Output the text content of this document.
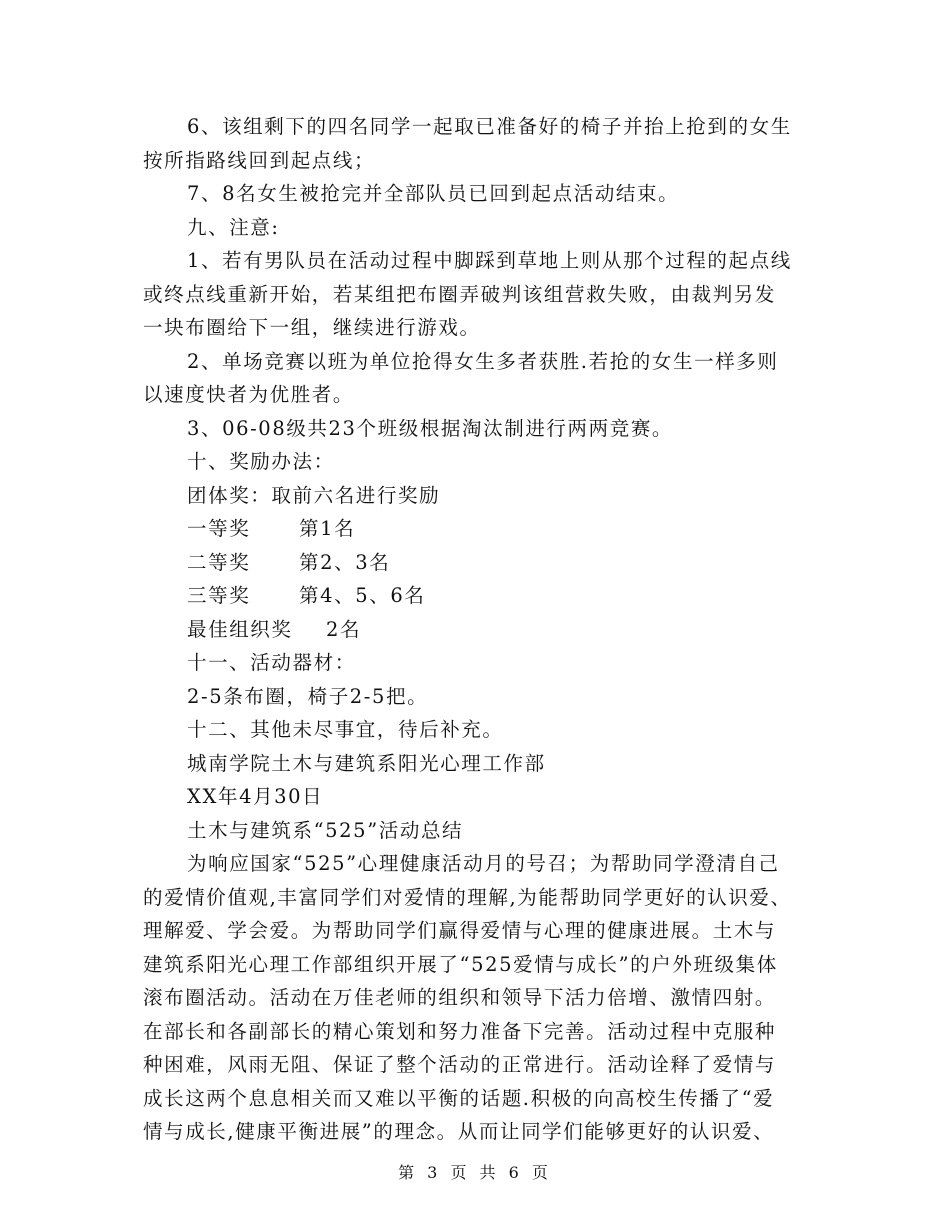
6、该组剩下的四名同学一起取已准备好的椅子并抬上抢到的女生
按所指路线回到起点线；
7、8名女生被抢完并全部队员已回到起点活动结束。
九、注意:
1、若有男队员在活动过程中脚踩到草地上则从那个过程的起点线
或终点线重新开始，若某组把布圈弄破判该组营救失败，由裁判另发
一块布圈给下一组，继续进行游戏。
2、单场竞赛以班为单位抢得女生多者获胜.若抢的女生一样多则
以速度快者为优胜者。
3、06-08级共23个班级根据淘汰制进行两两竞赛。
十、奖励办法：
团体奖：取前六名进行奖励
一等奖 第1名
二等奖 第2、3名
三等奖 第4、5、6名
最佳组织奖 2名
十一、活动器材：
2-5条布圈，椅子2-5把。
十二、其他未尽事宜，待后补充。
城南学院土木与建筑系阳光心理工作部
XX年4月30日
土木与建筑系“525”活动总结
为响应国家“525”心理健康活动月的号召；为帮助同学澄清自己
的爱情价值观,丰富同学们对爱情的理解,为能帮助同学更好的认识爱、
理解爱、学会爱。为帮助同学们赢得爱情与心理的健康进展。土木与
建筑系阳光心理工作部组织开展了“525爱情与成长”的户外班级集体
滚布圈活动。活动在万佳老师的组织和领导下活力倍增、激情四射。
在部长和各副部长的精心策划和努力准备下完善。活动过程中克服种
种困难，风雨无阻、保证了整个活动的正常进行。活动诠释了爱情与
成长这两个息息相关而又难以平衡的话题.积极的向高校生传播了“爱
情与成长,健康平衡进展”的理念。从而让同学们能够更好的认识爱、
第 3 页 共 6 页
